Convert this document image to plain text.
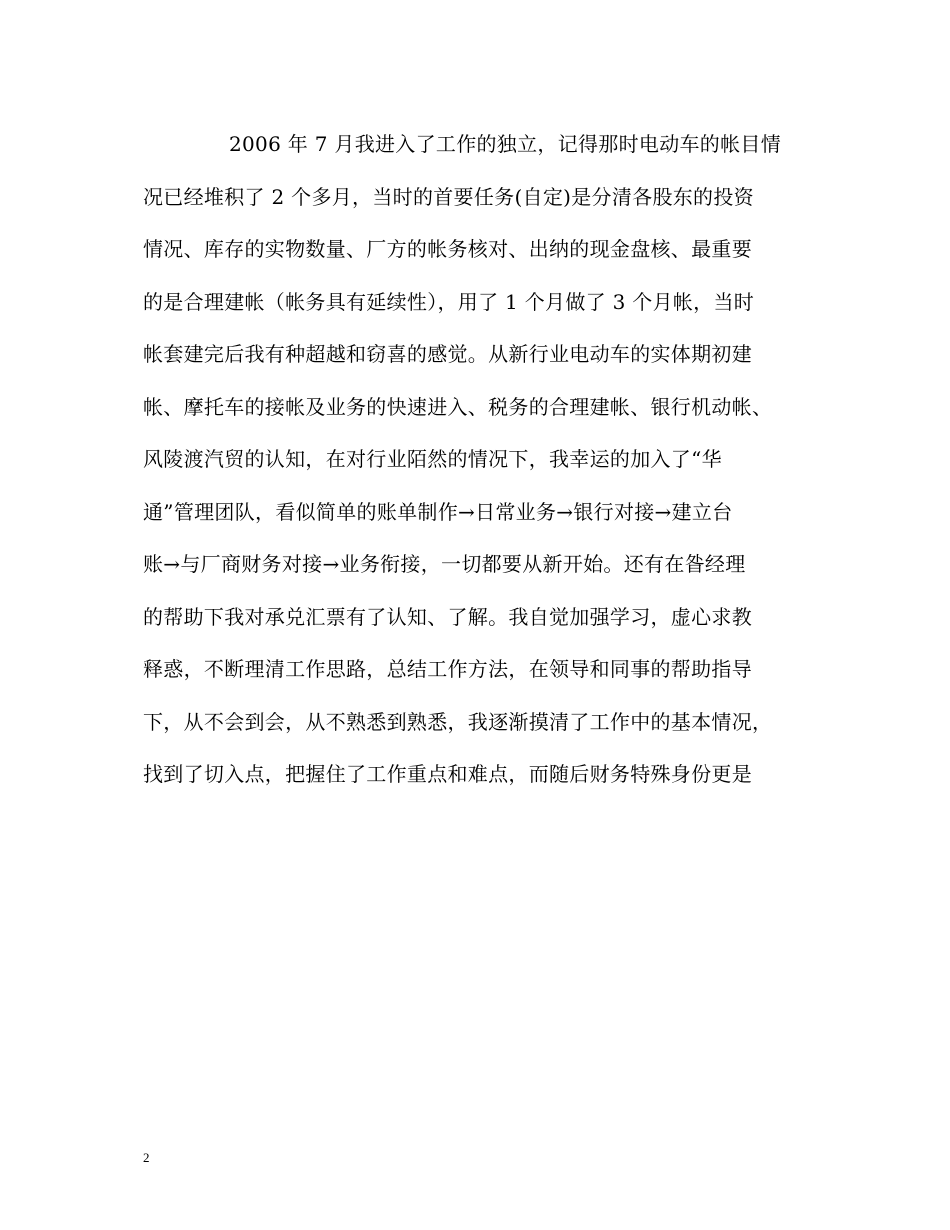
2006 年 7 月我进入了工作的独立，记得那时电动车的帐目情
况已经堆积了 2 个多月，当时的首要任务(自定)是分清各股东的投资
情况、库存的实物数量、厂方的帐务核对、出纳的现金盘核、最重要
的是合理建帐（帐务具有延续性），用了 1 个月做了 3 个月帐，当时
帐套建完后我有种超越和窃喜的感觉。从新行业电动车的实体期初建
帐、摩托车的接帐及业务的快速进入、税务的合理建帐、银行机动帐、
风陵渡汽贸的认知，在对行业陌然的情况下，我幸运的加入了“华
通”管理团队，看似简单的账单制作→日常业务→银行对接→建立台
账→与厂商财务对接→业务衔接，一切都要从新开始。还有在昝经理
的帮助下我对承兑汇票有了认知、了解。我自觉加强学习，虚心求教
释惑，不断理清工作思路，总结工作方法，在领导和同事的帮助指导
下，从不会到会，从不熟悉到熟悉，我逐渐摸清了工作中的基本情况，
找到了切入点，把握住了工作重点和难点，而随后财务特殊身份更是
2
